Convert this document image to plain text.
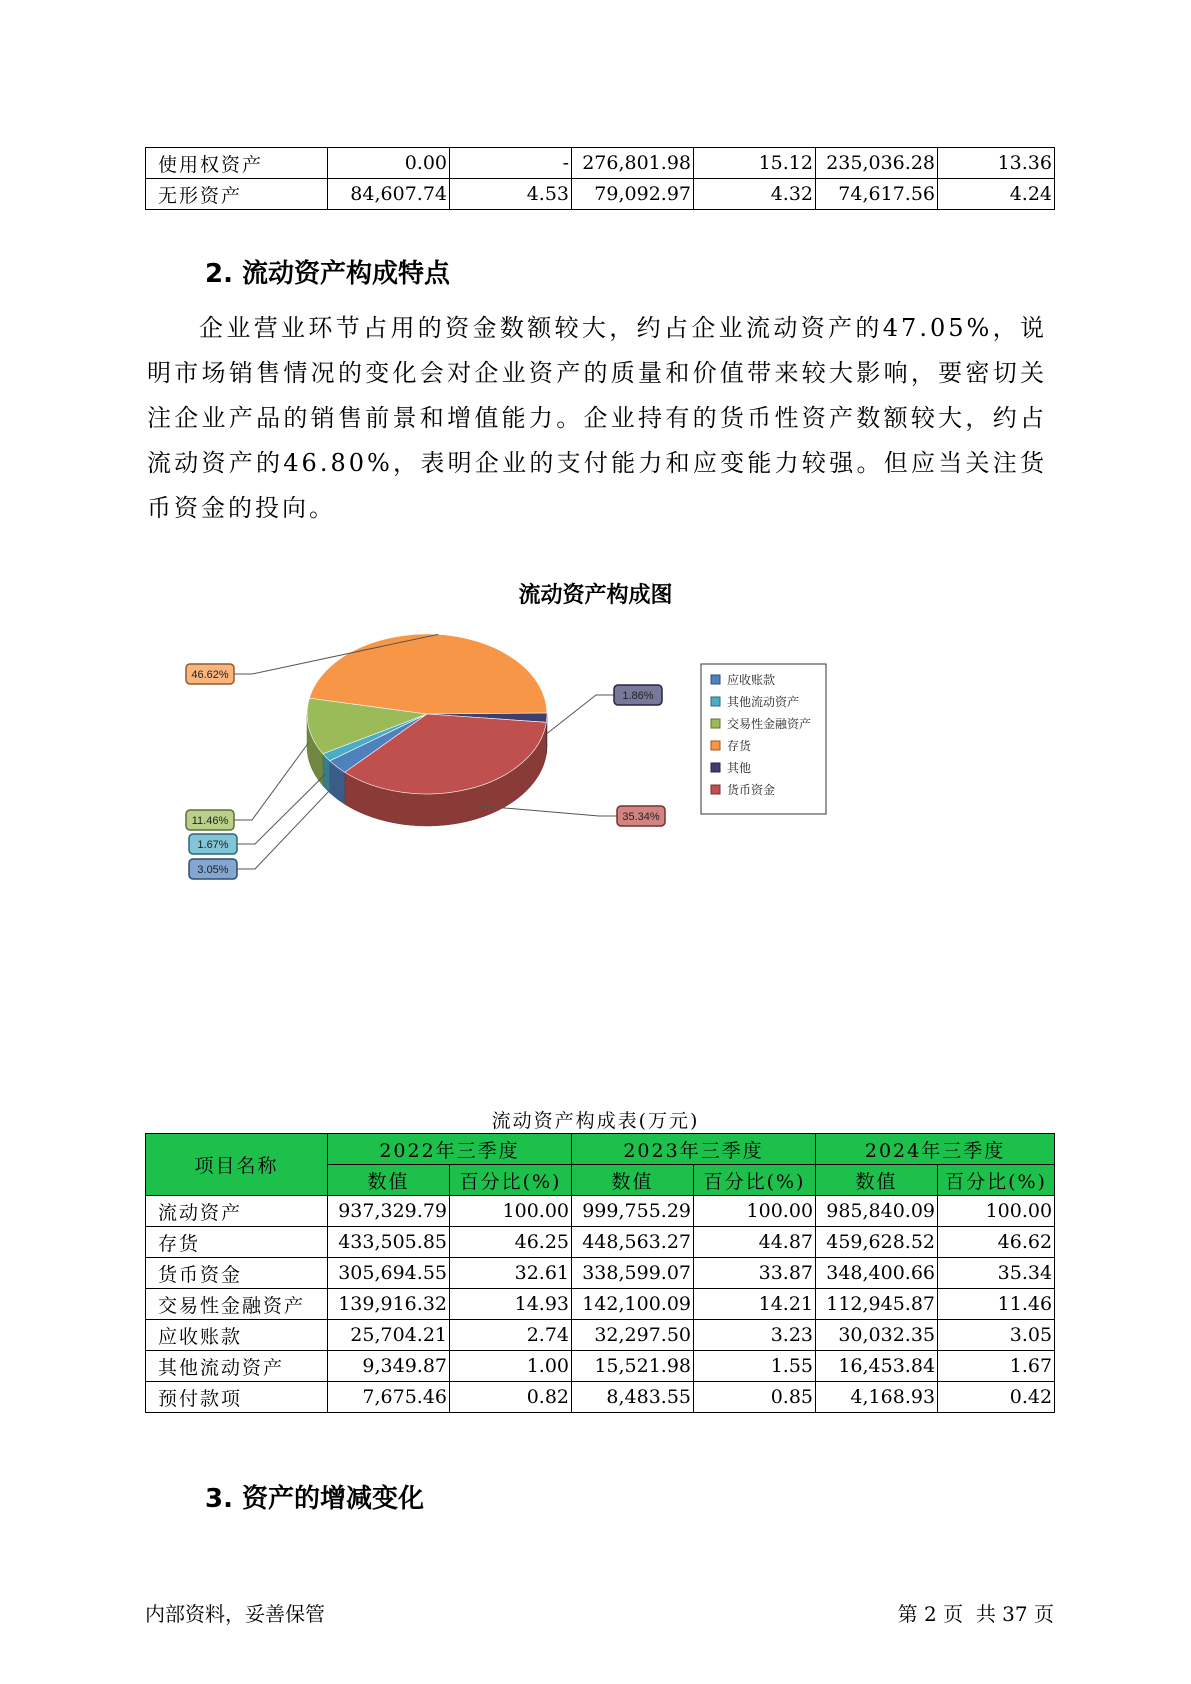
使用权资产	0.00	-	276,801.98	15.12	235,036.28	13.36
无形资产	84,607.74	4.53	79,092.97	4.32	74,617.56	4.24
2. 流动资产构成特点

企业营业环节占用的资金数额较大，约占企业流动资产的47.05%，说明市场销售情况的变化会对企业资产的质量和价值带来较大影响，要密切关注企业产品的销售前景和增值能力。企业持有的货币性资产数额较大，约占流动资产的46.80%，表明企业的支付能力和应变能力较强。但应当关注货币资金的投向。

流动资产构成图
3.05%
1.67%
11.46%
46.62%
1.86%
35.34%
应收账款
其他流动资产
交易性金融资产
存货
其他
货币资金
流动资产构成表(万元)
项目名称	2022年三季度		2023年三季度		2024年三季度	
	数值	百分比(%)	数值	百分比(%)	数值	百分比(%)
流动资产	937,329.79	100.00	999,755.29	100.00	985,840.09	100.00
存货	433,505.85	46.25	448,563.27	44.87	459,628.52	46.62
货币资金	305,694.55	32.61	338,599.07	33.87	348,400.66	35.34
交易性金融资产	139,916.32	14.93	142,100.09	14.21	112,945.87	11.46
应收账款	25,704.21	2.74	32,297.50	3.23	30,032.35	3.05
其他流动资产	9,349.87	1.00	15,521.98	1.55	16,453.84	1.67
预付款项	7,675.46	0.82	8,483.55	0.85	4,168.93	0.42
3. 资产的增减变化
内部资料，妥善保管	第 2 页  共 37 页
